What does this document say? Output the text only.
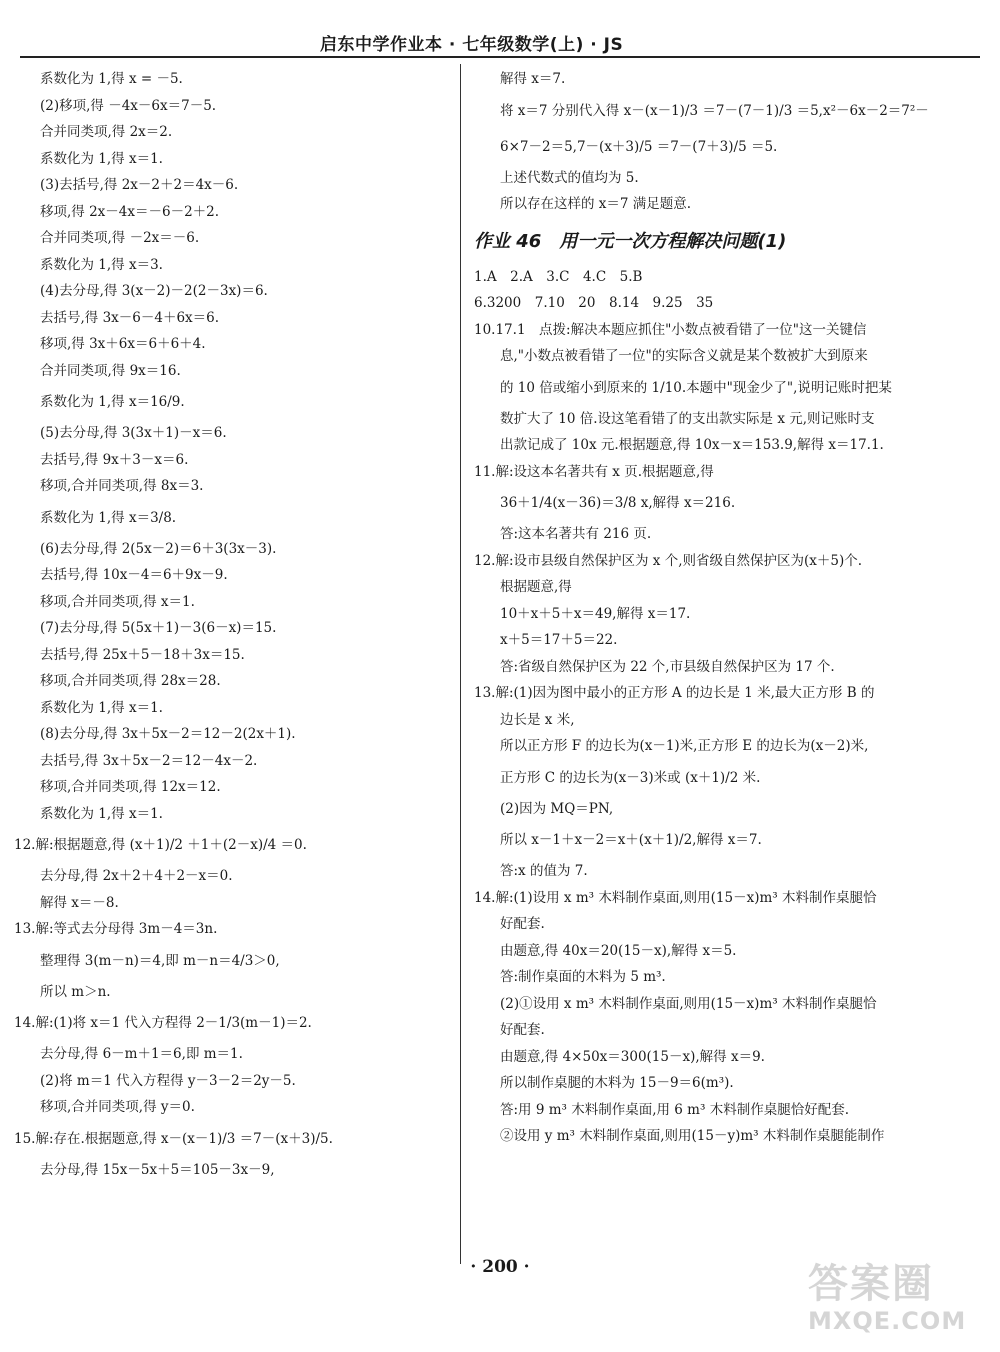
启东中学作业本 · 七年级数学(上) · JS
系数化为 1,得 x = －5.
(2)移项,得 －4x－6x＝7－5.
合并同类项,得 2x＝2.
系数化为 1,得 x＝1.
(3)去括号,得 2x－2＋2＝4x－6.
移项,得 2x－4x＝－6－2＋2.
合并同类项,得 －2x＝－6.
系数化为 1,得 x＝3.
(4)去分母,得 3(x－2)－2(2－3x)＝6.
去括号,得 3x－6－4＋6x＝6.
移项,得 3x＋6x＝6＋6＋4.
合并同类项,得 9x＝16.
系数化为 1,得 x＝16/9.
(5)去分母,得 3(3x＋1)－x＝6.
去括号,得 9x＋3－x＝6.
移项,合并同类项,得 8x＝3.
系数化为 1,得 x＝3/8.
(6)去分母,得 2(5x－2)＝6＋3(3x－3).
去括号,得 10x－4＝6＋9x－9.
移项,合并同类项,得 x＝1.
(7)去分母,得 5(5x＋1)－3(6－x)＝15.
去括号,得 25x＋5－18＋3x＝15.
移项,合并同类项,得 28x＝28.
系数化为 1,得 x＝1.
(8)去分母,得 3x＋5x－2＝12－2(2x＋1).
去括号,得 3x＋5x－2＝12－4x－2.
移项,合并同类项,得 12x＝12.
系数化为 1,得 x＝1.
12.解:根据题意,得 (x＋1)/2 ＋1＋(2－x)/4 ＝0.
去分母,得 2x＋2＋4＋2－x＝0.
解得 x＝－8.
13.解:等式去分母得 3m－4＝3n.
整理得 3(m－n)＝4,即 m－n＝4/3＞0,
所以 m＞n.
14.解:(1)将 x＝1 代入方程得 2－1/3(m－1)＝2.
去分母,得 6－m＋1＝6,即 m＝1.
(2)将 m＝1 代入方程得 y－3－2＝2y－5.
移项,合并同类项,得 y＝0.
15.解:存在.根据题意,得 x－(x－1)/3 ＝7－(x＋3)/5.
去分母,得 15x－5x＋5＝105－3x－9,
解得 x＝7.
将 x＝7 分别代入得 x－(x－1)/3 ＝7－(7－1)/3 ＝5,x²－6x－2＝7²－
6×7－2＝5,7－(x＋3)/5 ＝7－(7＋3)/5 ＝5.
上述代数式的值均为 5.
所以存在这样的 x＝7 满足题意.
作业 46　用一元一次方程解决问题(1)
1.A　2.A　3.C　4.C　5.B
6.3200　7.10　20　8.14　9.25　35
10.17.1　点拨:解决本题应抓住"小数点被看错了一位"这一关键信
息,"小数点被看错了一位"的实际含义就是某个数被扩大到原来
的 10 倍或缩小到原来的 1/10.本题中"现金少了",说明记账时把某
数扩大了 10 倍.设这笔看错了的支出款实际是 x 元,则记账时支
出款记成了 10x 元.根据题意,得 10x－x＝153.9,解得 x＝17.1.
11.解:设这本名著共有 x 页.根据题意,得
36＋1/4(x－36)＝3/8 x,解得 x＝216.
答:这本名著共有 216 页.
12.解:设市县级自然保护区为 x 个,则省级自然保护区为(x＋5)个.
根据题意,得
10＋x＋5＋x＝49,解得 x＝17.
x＋5＝17＋5＝22.
答:省级自然保护区为 22 个,市县级自然保护区为 17 个.
13.解:(1)因为图中最小的正方形 A 的边长是 1 米,最大正方形 B 的
边长是 x 米,
所以正方形 F 的边长为(x－1)米,正方形 E 的边长为(x－2)米,
正方形 C 的边长为(x－3)米或 (x＋1)/2 米.
(2)因为 MQ＝PN,
所以 x－1＋x－2＝x＋(x＋1)/2,解得 x＝7.
答:x 的值为 7.
14.解:(1)设用 x m³ 木料制作桌面,则用(15－x)m³ 木料制作桌腿恰
好配套.
由题意,得 40x＝20(15－x),解得 x＝5.
答:制作桌面的木料为 5 m³.
(2)①设用 x m³ 木料制作桌面,则用(15－x)m³ 木料制作桌腿恰
好配套.
由题意,得 4×50x＝300(15－x),解得 x＝9.
所以制作桌腿的木料为 15－9＝6(m³).
答:用 9 m³ 木料制作桌面,用 6 m³ 木料制作桌腿恰好配套.
②设用 y m³ 木料制作桌面,则用(15－y)m³ 木料制作桌腿能制作
· 200 ·	答案圈
MXQE.COM
